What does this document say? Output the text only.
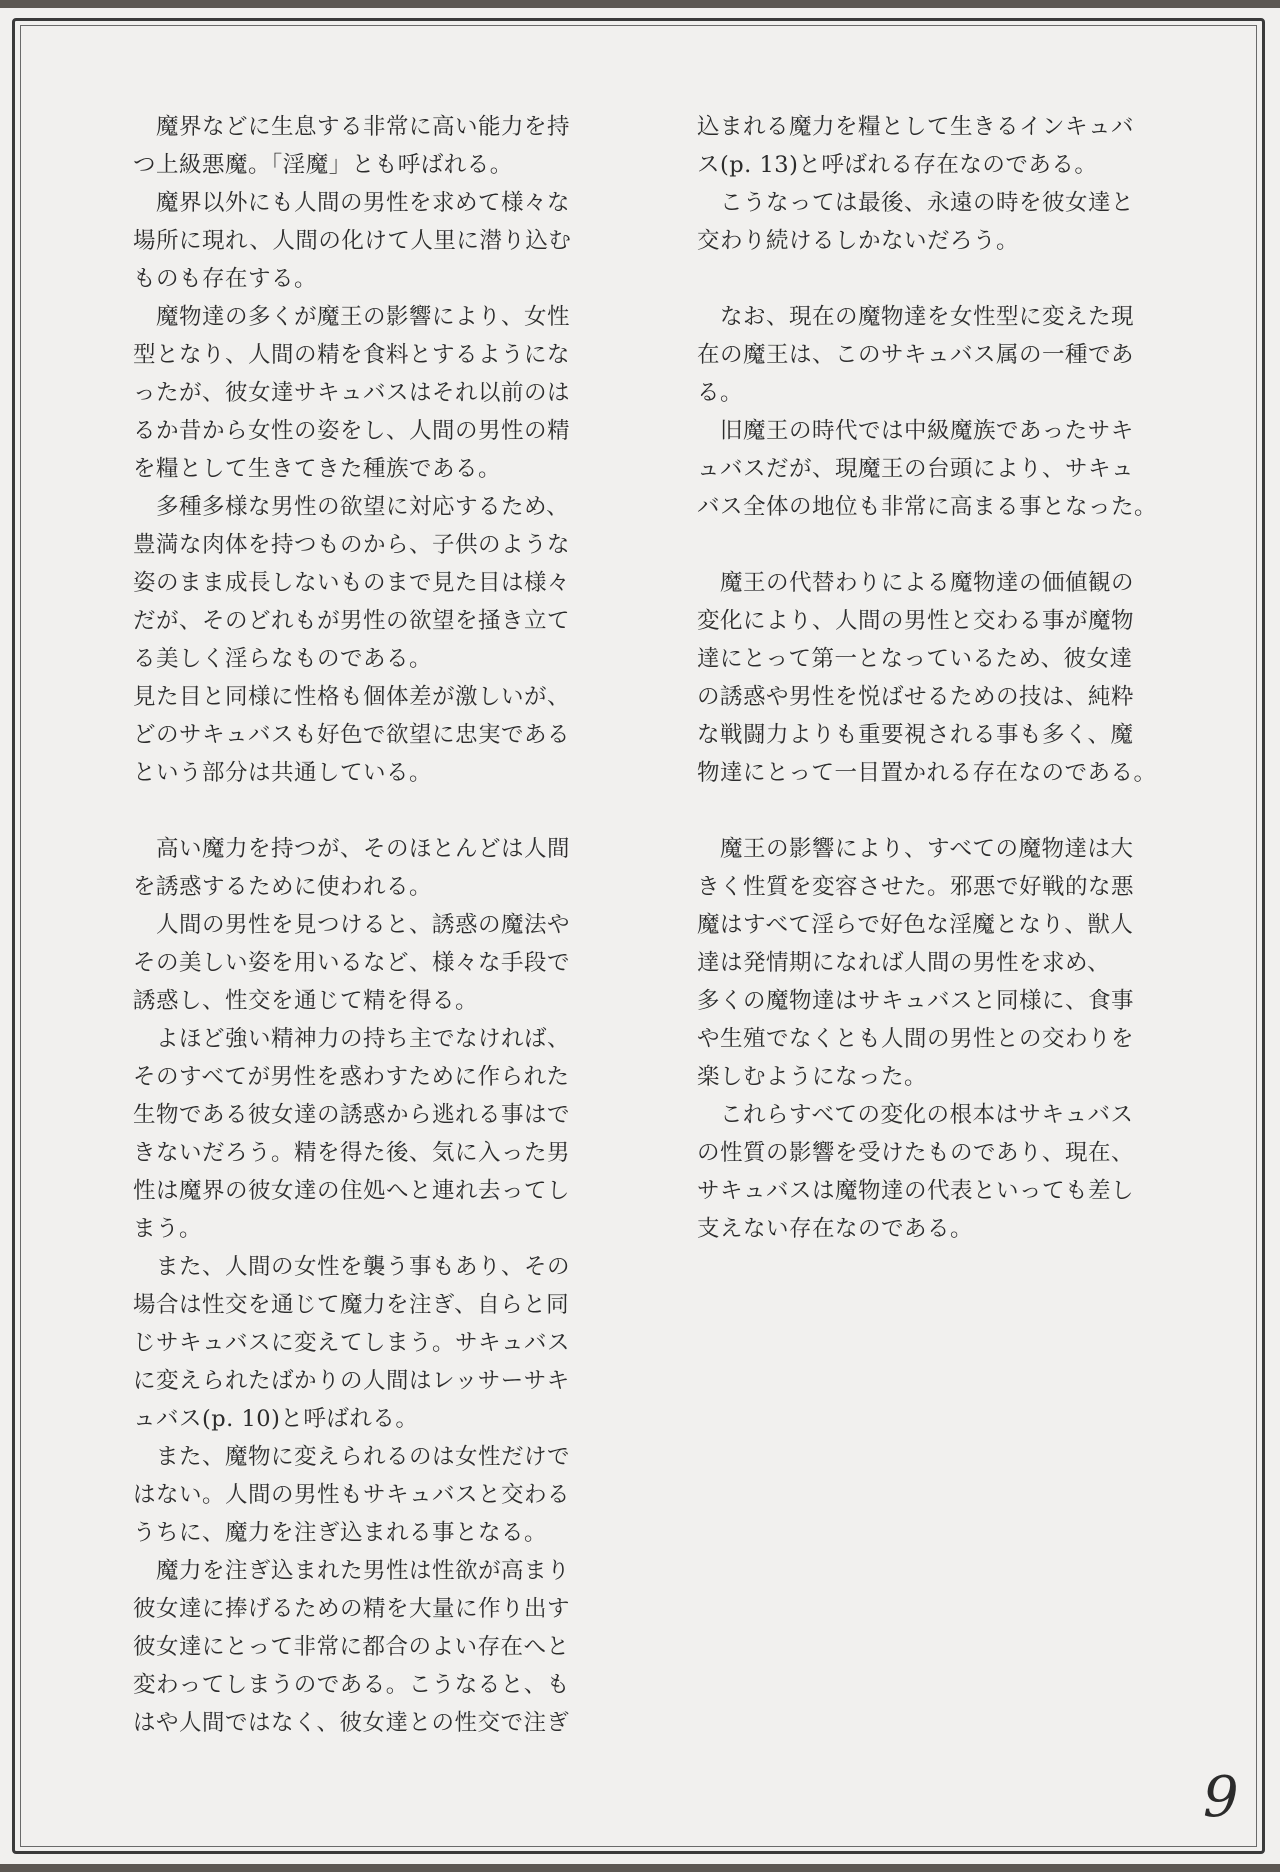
　魔界などに生息する非常に高い能力を持
つ上級悪魔。「淫魔」とも呼ばれる。
　魔界以外にも人間の男性を求めて様々な
場所に現れ、人間の化けて人里に潜り込む
ものも存在する。
　魔物達の多くが魔王の影響により、女性
型となり、人間の精を食料とするようにな
ったが、彼女達サキュバスはそれ以前のは
るか昔から女性の姿をし、人間の男性の精
を糧として生きてきた種族である。
　多種多様な男性の欲望に対応するため、
豊満な肉体を持つものから、子供のような
姿のまま成長しないものまで見た目は様々
だが、そのどれもが男性の欲望を掻き立て
る美しく淫らなものである。
見た目と同様に性格も個体差が激しいが、
どのサキュバスも好色で欲望に忠実である
という部分は共通している。
　高い魔力を持つが、そのほとんどは人間
を誘惑するために使われる。
　人間の男性を見つけると、誘惑の魔法や
その美しい姿を用いるなど、様々な手段で
誘惑し、性交を通じて精を得る。
　よほど強い精神力の持ち主でなければ、
そのすべてが男性を惑わすために作られた
生物である彼女達の誘惑から逃れる事はで
きないだろう。精を得た後、気に入った男
性は魔界の彼女達の住処へと連れ去ってし
まう。
　また、人間の女性を襲う事もあり、その
場合は性交を通じて魔力を注ぎ、自らと同
じサキュバスに変えてしまう。サキュバス
に変えられたばかりの人間はレッサーサキ
ュバス(p. 10)と呼ばれる。
　また、魔物に変えられるのは女性だけで
はない。人間の男性もサキュバスと交わる
うちに、魔力を注ぎ込まれる事となる。
　魔力を注ぎ込まれた男性は性欲が高まり
彼女達に捧げるための精を大量に作り出す
彼女達にとって非常に都合のよい存在へと
変わってしまうのである。こうなると、も
はや人間ではなく、彼女達との性交で注ぎ
込まれる魔力を糧として生きるインキュバ
ス(p. 13)と呼ばれる存在なのである。
　こうなっては最後、永遠の時を彼女達と
交わり続けるしかないだろう。
　なお、現在の魔物達を女性型に変えた現
在の魔王は、このサキュバス属の一種であ
る。
　旧魔王の時代では中級魔族であったサキ
ュバスだが、現魔王の台頭により、サキュ
バス全体の地位も非常に高まる事となった。
　魔王の代替わりによる魔物達の価値観の
変化により、人間の男性と交わる事が魔物
達にとって第一となっているため、彼女達
の誘惑や男性を悦ばせるための技は、純粋
な戦闘力よりも重要視される事も多く、魔
物達にとって一目置かれる存在なのである。
　魔王の影響により、すべての魔物達は大
きく性質を変容させた。邪悪で好戦的な悪
魔はすべて淫らで好色な淫魔となり、獣人
達は発情期になれば人間の男性を求め、
多くの魔物達はサキュバスと同様に、食事
や生殖でなくとも人間の男性との交わりを
楽しむようになった。
　これらすべての変化の根本はサキュバス
の性質の影響を受けたものであり、現在、
サキュバスは魔物達の代表といっても差し
支えない存在なのである。
9
